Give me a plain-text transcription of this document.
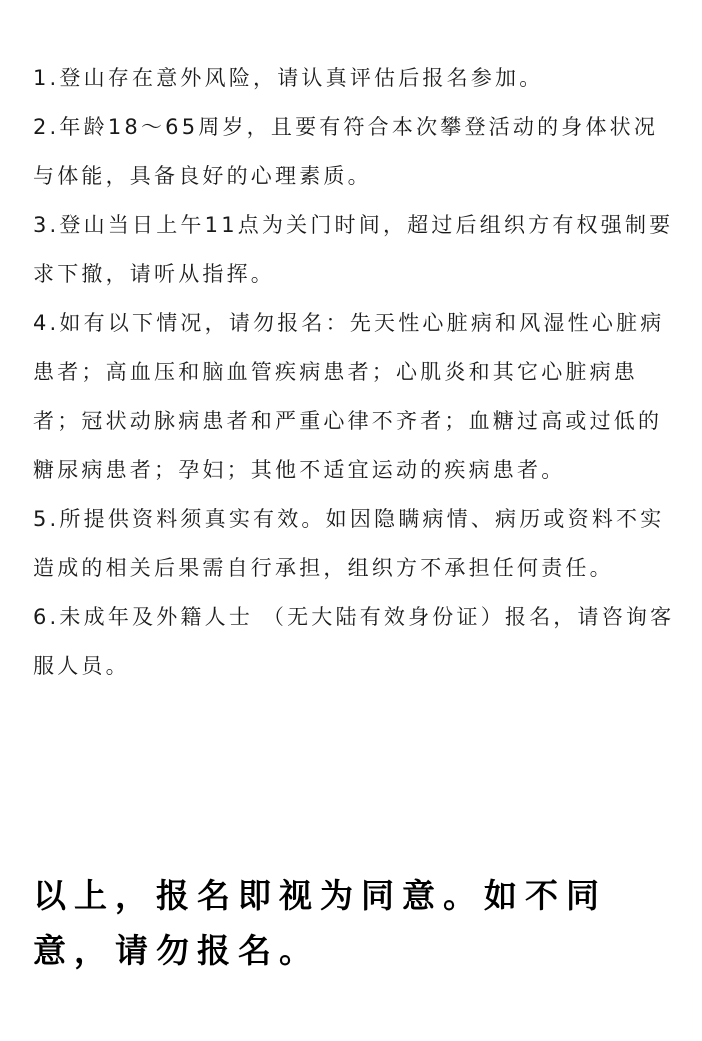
1.登山存在意外风险，请认真评估后报名参加。
2.年龄18～65周岁，且要有符合本次攀登活动的身体状况与体能，具备良好的心理素质。
3.登山当日上午11点为关门时间，超过后组织方有权强制要求下撤，请听从指挥。
4.如有以下情况，请勿报名：先天性心脏病和风湿性心脏病患者；高血压和脑血管疾病患者；心肌炎和其它心脏病患者；冠状动脉病患者和严重心律不齐者；血糖过高或过低的糖尿病患者；孕妇；其他不适宜运动的疾病患者。
5.所提供资料须真实有效。如因隐瞒病情、病历或资料不实造成的相关后果需自行承担，组织方不承担任何责任。
6.未成年及外籍人士 （无大陆有效身份证）报名，请咨询客服人员。

以上，报名即视为同意。如不同意，请勿报名。
